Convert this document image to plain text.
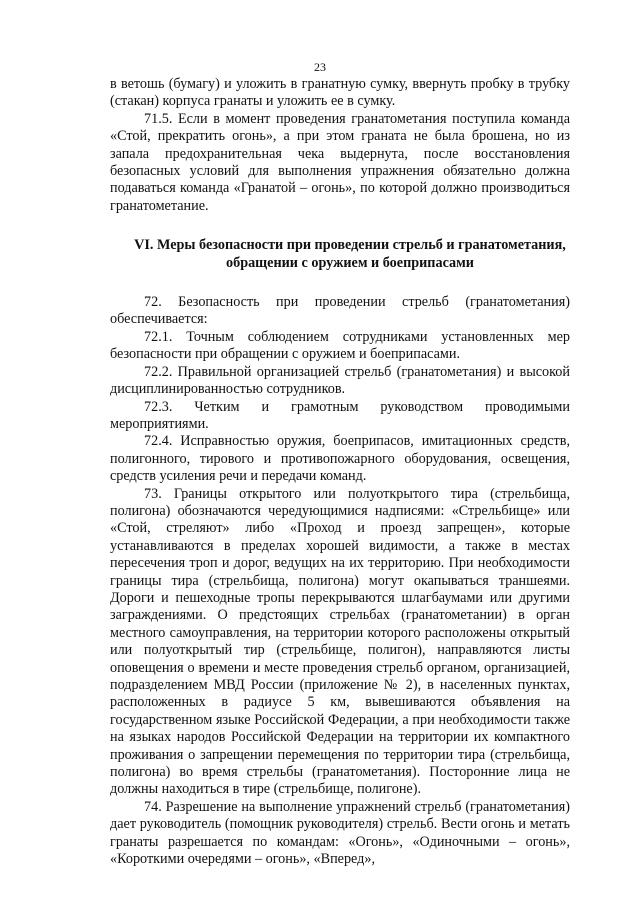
23

в ветошь (бумагу) и уложить в гранатную сумку, ввернуть пробку в трубку (стакан) корпуса гранаты и уложить ее в сумку.

71.5. Если в момент проведения гранатометания поступила команда «Стой, прекратить огонь», а при этом граната не была брошена, но из запала предохранительная чека выдернута, после восстановления безопасных условий для выполнения упражнения обязательно должна подаваться команда «Гранатой – огонь», по которой должно производиться гранатометание.

VI. Меры безопасности при проведении стрельб и гранатометания, обращении с оружием и боеприпасами

72. Безопасность при проведении стрельб (гранатометания) обеспечивается:

72.1. Точным соблюдением сотрудниками установленных мер безопасности при обращении с оружием и боеприпасами.

72.2. Правильной организацией стрельб (гранатометания) и высокой дисциплинированностью сотрудников.

72.3. Четким и грамотным руководством проводимыми мероприятиями.

72.4. Исправностью оружия, боеприпасов, имитационных средств, полигонного, тирового и противопожарного оборудования, освещения, средств усиления речи и передачи команд.

73. Границы открытого или полуоткрытого тира (стрельбища, полигона) обозначаются чередующимися надписями: «Стрельбище» или «Стой, стреляют» либо «Проход и проезд запрещен», которые устанавливаются в пределах хорошей видимости, а также в местах пересечения троп и дорог, ведущих на их территорию. При необходимости границы тира (стрельбища, полигона) могут окапываться траншеями. Дороги и пешеходные тропы перекрываются шлагбаумами или другими заграждениями. О предстоящих стрельбах (гранатометании) в орган местного самоуправления, на территории которого расположены открытый или полуоткрытый тир (стрельбище, полигон), направляются листы оповещения о времени и месте проведения стрельб органом, организацией, подразделением МВД России (приложение № 2), в населенных пунктах, расположенных в радиусе 5 км, вывешиваются объявления на государственном языке Российской Федерации, а при необходимости также на языках народов Российской Федерации на территории их компактного проживания о запрещении перемещения по территории тира (стрельбища, полигона) во время стрельбы (гранатометания). Посторонние лица не должны находиться в тире (стрельбище, полигоне).

74. Разрешение на выполнение упражнений стрельб (гранатометания) дает руководитель (помощник руководителя) стрельб. Вести огонь и метать гранаты разрешается по командам: «Огонь», «Одиночными – огонь», «Короткими очередями – огонь», «Вперед»,
